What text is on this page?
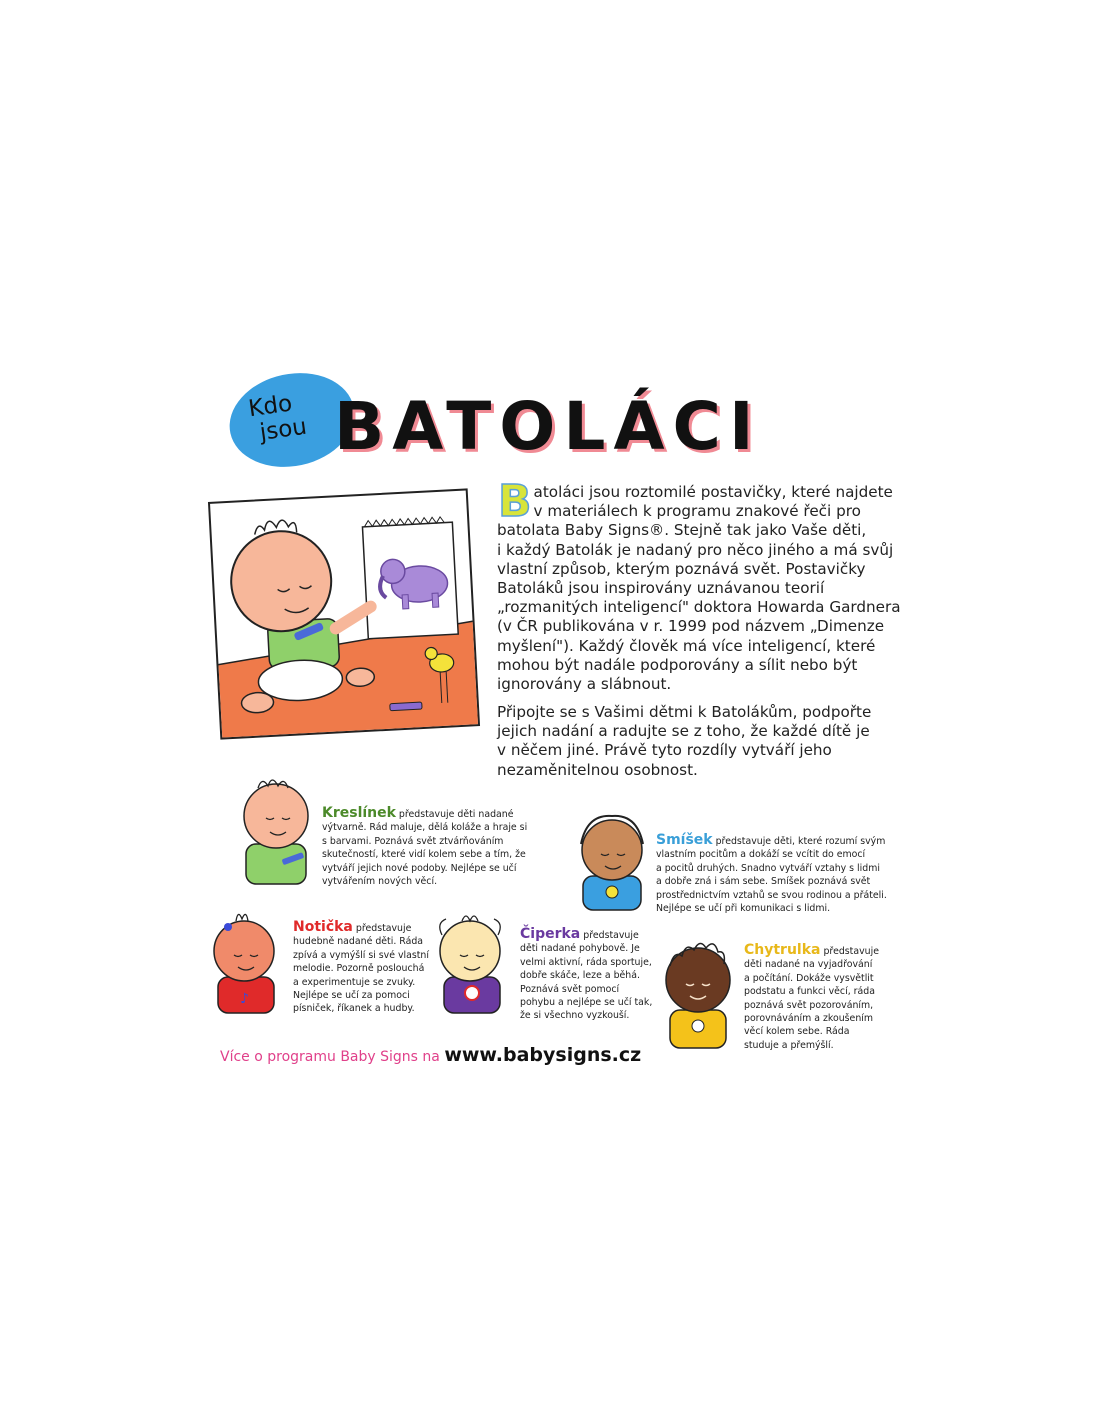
Kdo
jsou BATOLÁCI
B atoláci jsou roztomilé postavičky, které najdete
v materiálech k programu znakové řeči pro
batolata Baby Signs®. Stejně tak jako Vaše děti,
i každý Batolák je nadaný pro něco jiného a má svůj
vlastní způsob, kterým poznává svět. Postavičky
Batoláků jsou inspirovány uznávanou teorií
„rozmanitých inteligencí" doktora Howarda Gardnera
(v ČR publikována v r. 1999 pod názvem „Dimenze
myšlení"). Každý člověk má více inteligencí, které
mohou být nadále podporovány a sílit nebo být
ignorovány a slábnout.
Připojte se s Vašimi dětmi k Batolákům, podpořte
jejich nadání a radujte se z toho, že každé dítě je
v něčem jiné. Právě tyto rozdíly vytváří jeho
nezaměnitelnou osobnost.
Kreslínek představuje děti nadané
výtvarně. Rád maluje, dělá koláže a hraje si
s barvami. Poznává svět ztvárňováním
skutečností, které vidí kolem sebe a tím, že
vytváří jejich nové podoby. Nejlépe se učí
vytvářením nových věcí.
Smíšek představuje děti, které rozumí svým
vlastním pocitům a dokáží se vcítit do emocí
a pocitů druhých. Snadno vytváří vztahy s lidmi
a dobře zná i sám sebe. Smíšek poznává svět
prostřednictvím vztahů se svou rodinou a přáteli.
Nejlépe se učí při komunikaci s lidmi.
♪
Notička představuje
hudebně nadané děti. Ráda
zpívá a vymýšlí si své vlastní
melodie. Pozorně poslouchá
a experimentuje se zvuky.
Nejlépe se učí za pomoci
písniček, říkanek a hudby.
Čiperka představuje
děti nadané pohybově. Je
velmi aktivní, ráda sportuje,
dobře skáče, leze a běhá.
Poznává svět pomocí
pohybu a nejlépe se učí tak,
že si všechno vyzkouší.
Chytrulka představuje
děti nadané na vyjadřování
a počítání. Dokáže vysvětlit
podstatu a funkci věcí, ráda
poznává svět pozorováním,
porovnáváním a zkoušením
věcí kolem sebe. Ráda
studuje a přemýšlí.
Více o programu Baby Signs na www.babysigns.cz
